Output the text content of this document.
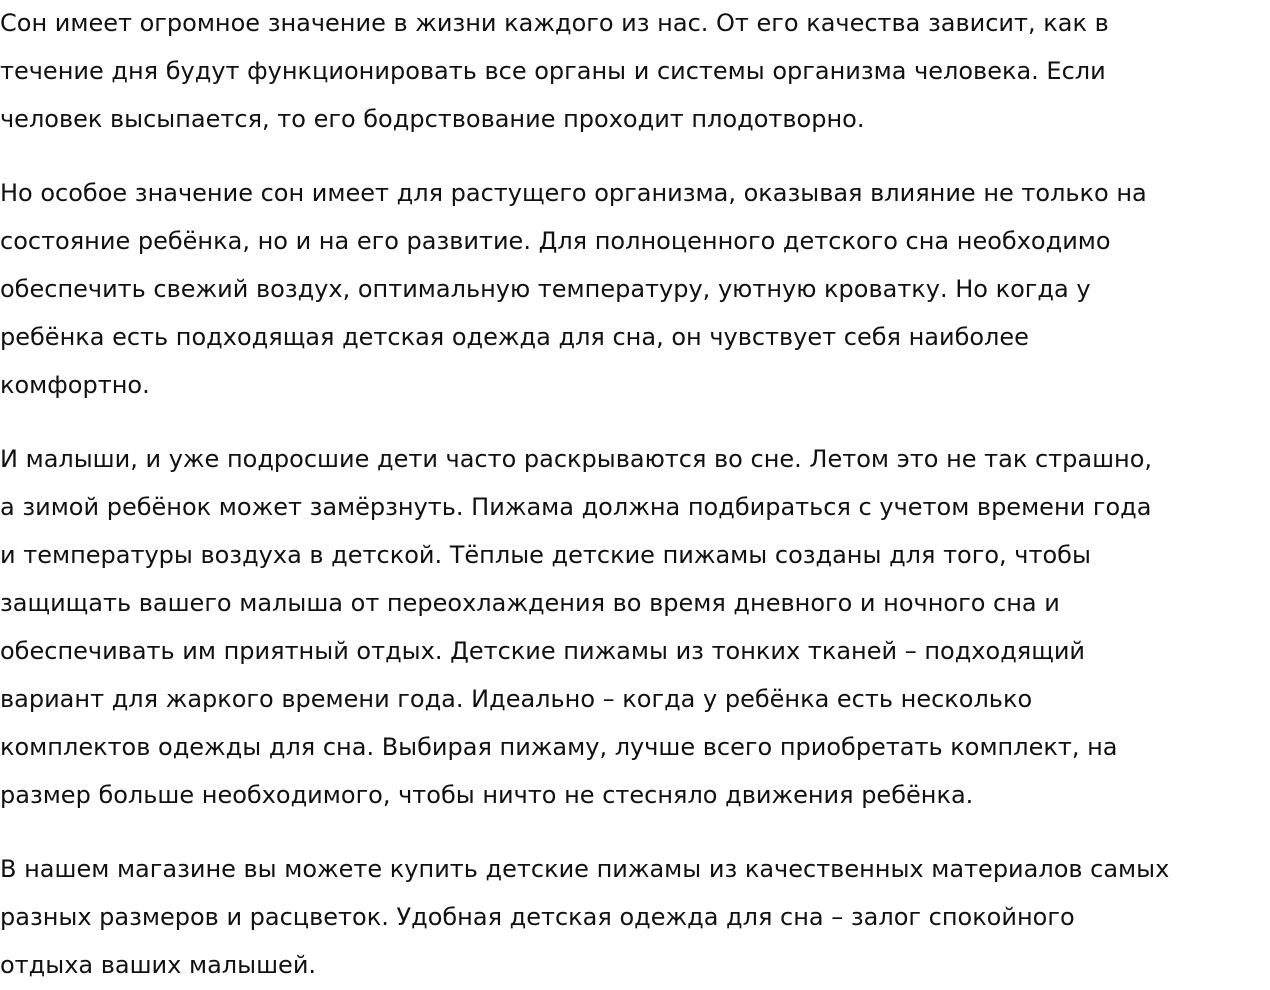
Сон имеет огромное значение в жизни каждого из нас. От его качества зависит, как в
течение дня будут функционировать все органы и системы организма человека. Если
человек высыпается, то его бодрствование проходит плодотворно.

Но особое значение сон имеет для растущего организма, оказывая влияние не только на
состояние ребёнка, но и на его развитие. Для полноценного детского сна необходимо
обеспечить свежий воздух, оптимальную температуру, уютную кроватку. Но когда у
ребёнка есть подходящая детская одежда для сна, он чувствует себя наиболее
комфортно.

И малыши, и уже подросшие дети часто раскрываются во сне. Летом это не так страшно,
а зимой ребёнок может замёрзнуть. Пижама должна подбираться с учетом времени года
и температуры воздуха в детской. Тёплые детские пижамы созданы для того, чтобы
защищать вашего малыша от переохлаждения во время дневного и ночного сна и
обеспечивать им приятный отдых. Детские пижамы из тонких тканей – подходящий
вариант для жаркого времени года. Идеально – когда у ребёнка есть несколько
комплектов одежды для сна. Выбирая пижаму, лучше всего приобретать комплект, на
размер больше необходимого, чтобы ничто не стесняло движения ребёнка.

В нашем магазине вы можете купить детские пижамы из качественных материалов самых
разных размеров и расцветок. Удобная детская одежда для сна – залог спокойного
отдыха ваших малышей.
